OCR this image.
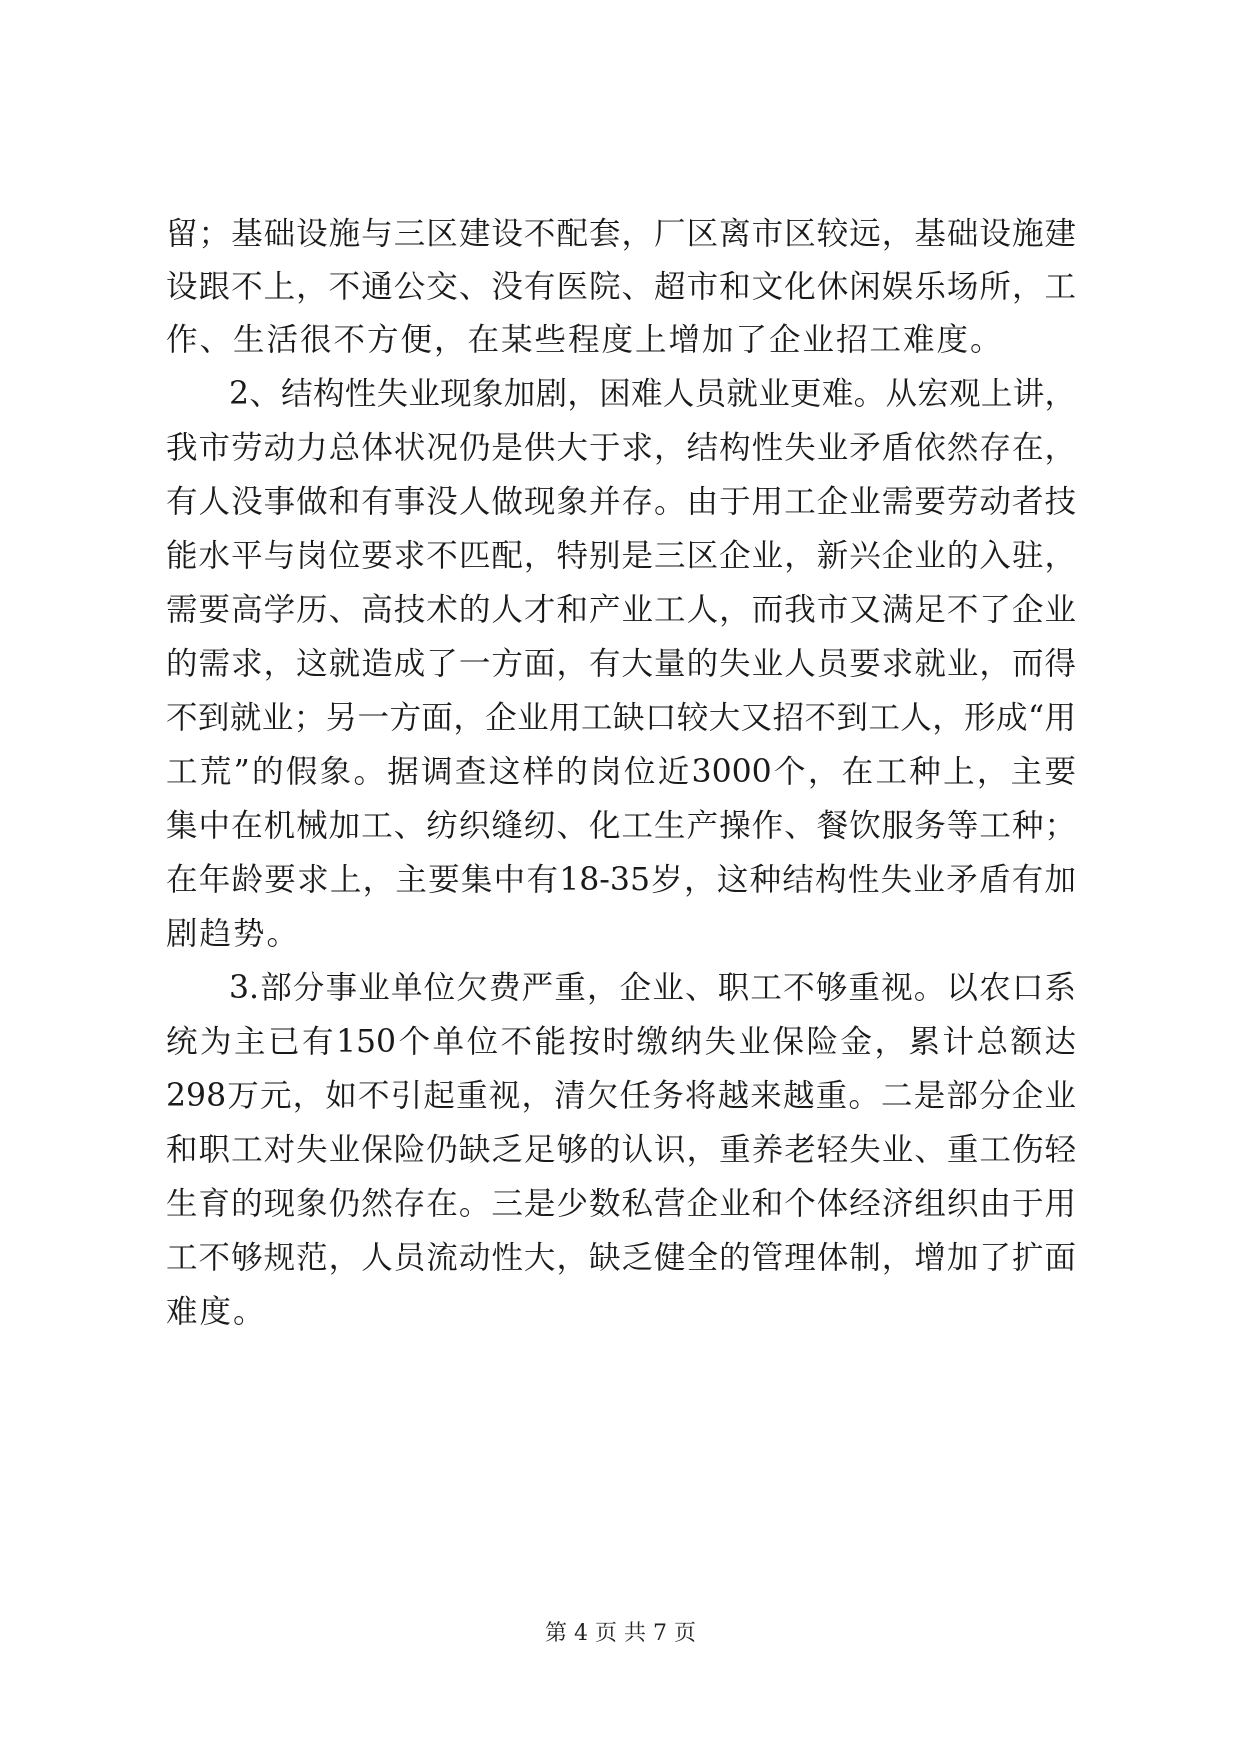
留；基础设施与三区建设不配套，厂区离市区较远，基础设施建
设跟不上，不通公交、没有医院、超市和文化休闲娱乐场所，工
作、生活很不方便，在某些程度上增加了企业招工难度。
2、结构性失业现象加剧，困难人员就业更难。从宏观上讲，
我市劳动力总体状况仍是供大于求，结构性失业矛盾依然存在，
有人没事做和有事没人做现象并存。由于用工企业需要劳动者技
能水平与岗位要求不匹配，特别是三区企业，新兴企业的入驻，
需要高学历、高技术的人才和产业工人，而我市又满足不了企业
的需求，这就造成了一方面，有大量的失业人员要求就业，而得
不到就业；另一方面，企业用工缺口较大又招不到工人，形成“用
工荒”的假象。据调查这样的岗位近3000个，在工种上，主要
集中在机械加工、纺织缝纫、化工生产操作、餐饮服务等工种；
在年龄要求上，主要集中有18-35岁，这种结构性失业矛盾有加
剧趋势。
3.部分事业单位欠费严重，企业、职工不够重视。以农口系
统为主已有150个单位不能按时缴纳失业保险金，累计总额达
298万元，如不引起重视，清欠任务将越来越重。二是部分企业
和职工对失业保险仍缺乏足够的认识，重养老轻失业、重工伤轻
生育的现象仍然存在。三是少数私营企业和个体经济组织由于用
工不够规范，人员流动性大，缺乏健全的管理体制，增加了扩面
难度。
第 4 页 共 7 页
